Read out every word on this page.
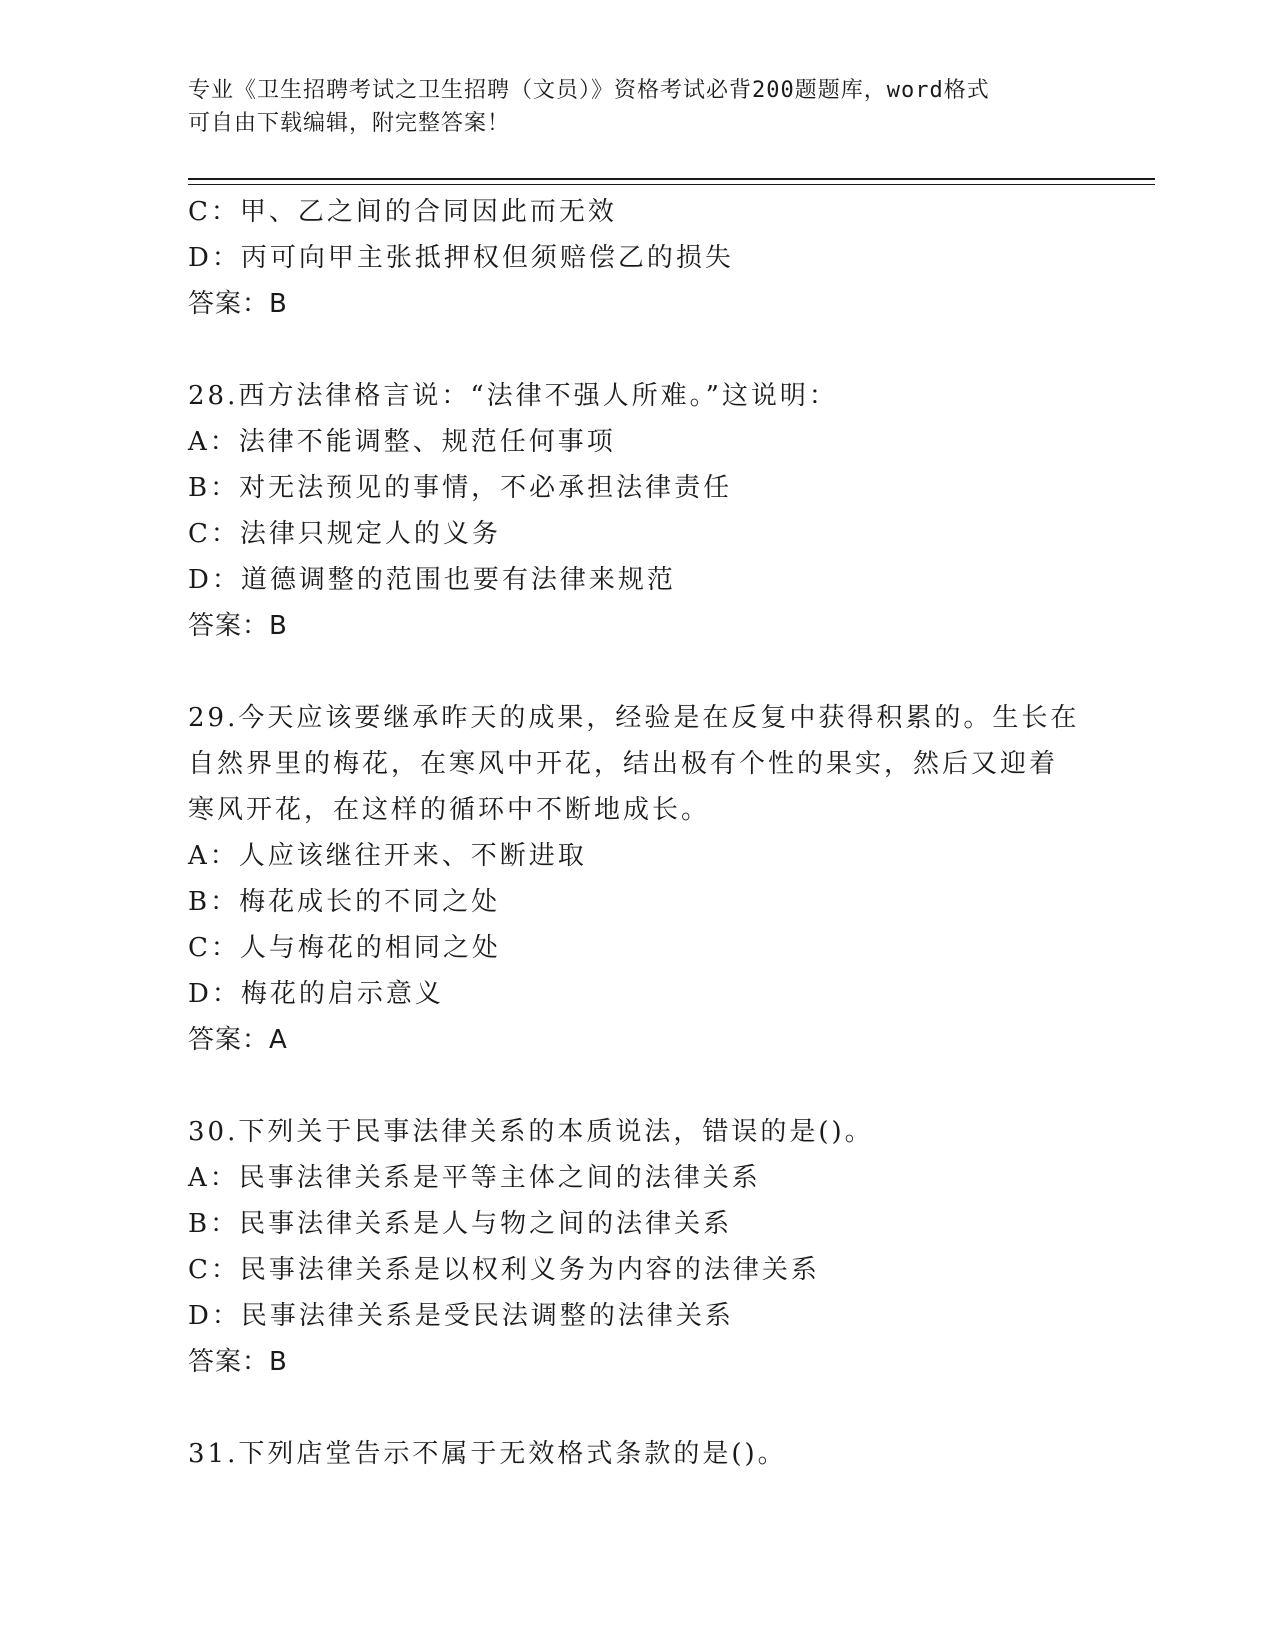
专业《卫生招聘考试之卫生招聘（文员）》资格考试必背200题题库，word格式
可自由下载编辑，附完整答案！
C：甲、乙之间的合同因此而无效
D：丙可向甲主张抵押权但须赔偿乙的损失
答案：B
28.西方法律格言说：“法律不强人所难。”这说明：
A：法律不能调整、规范任何事项
B：对无法预见的事情，不必承担法律责任
C：法律只规定人的义务
D：道德调整的范围也要有法律来规范
答案：B
29.今天应该要继承昨天的成果，经验是在反复中获得积累的。生长在
自然界里的梅花，在寒风中开花，结出极有个性的果实，然后又迎着
寒风开花，在这样的循环中不断地成长。
A：人应该继往开来、不断进取
B：梅花成长的不同之处
C：人与梅花的相同之处
D：梅花的启示意义
答案：A
30.下列关于民事法律关系的本质说法，错误的是()。
A：民事法律关系是平等主体之间的法律关系
B：民事法律关系是人与物之间的法律关系
C：民事法律关系是以权利义务为内容的法律关系
D：民事法律关系是受民法调整的法律关系
答案：B
31.下列店堂告示不属于无效格式条款的是()。
